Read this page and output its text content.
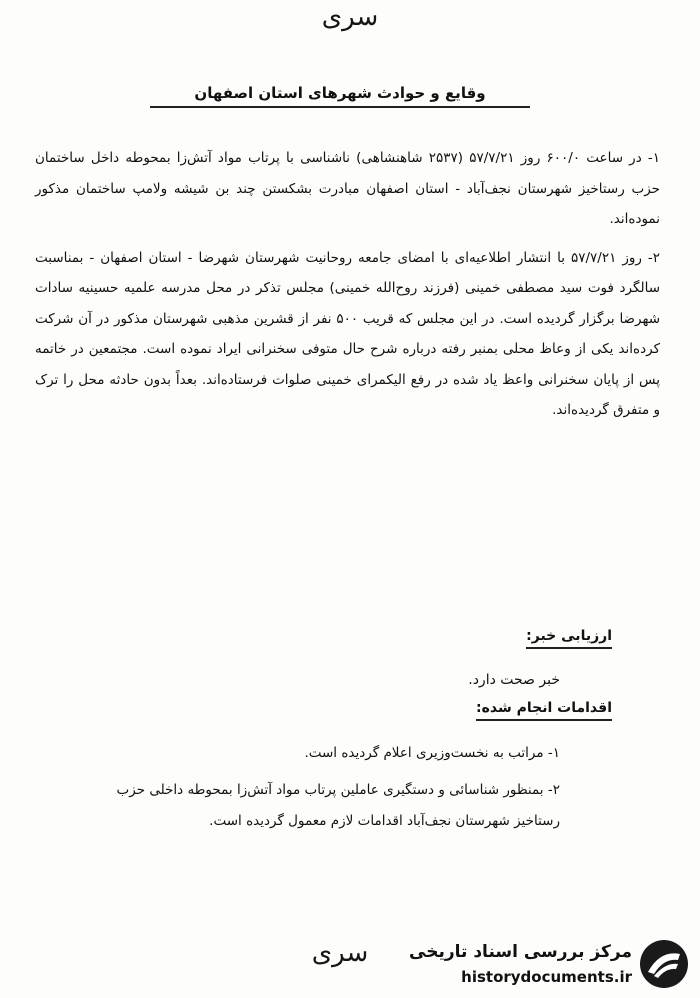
سری
وقایع و حوادث شهرهای استان اصفهان

۱- در ساعت ۶۰۰/۰ روز ۵۷/۷/۲۱ (۲۵۳۷ شاهنشاهی) ناشناسی با پرتاب مواد آتش‌زا بمحوطه داخل ساختمان حزب رستاخیز شهرستان نجف‌آباد - استان اصفهان مبادرت بشکستن چند بن شیشه ولامپ ساختمان مذکور نموده‌اند.

۲- روز ۵۷/۷/۲۱ با انتشار اطلاعیه‌ای با امضای جامعه روحانیت شهرستان شهرضا - استان اصفهان - بمناسبت سالگرد فوت سید مصطفی خمینی (فرزند روح‌الله خمینی) مجلس تذکر در محل مدرسه علمیه حسینیه سادات شهرضا برگزار گردیده است. در این مجلس که قریب ۵۰۰ نفر از قشرین مذهبی شهرستان مذکور در آن شرکت کرده‌اند یکی از وعاظ محلی بمنبر رفته درباره شرح حال متوفی سخنرانی ایراد نموده است. مجتمعین در خاتمه پس از پایان سخنرانی واعظ یاد شده در رفع الیکمرای خمینی صلوات فرستاده‌اند. بعداً بدون حادثه محل را ترک و متفرق گردیده‌اند.

ارزیابی خبر:
خبر صحت دارد.
اقدامات انجام شده:

۱- مراتب به نخست‌وزیری اعلام گردیده است.

۲- بمنظور شناسائی و دستگیری عاملین پرتاب مواد آتش‌زا بمحوطه داخلی حزب رستاخیز شهرستان نجف‌آباد اقدامات لازم معمول گردیده است.

سری	مرکز بررسی اسناد تاریخی
historydocuments.ir
